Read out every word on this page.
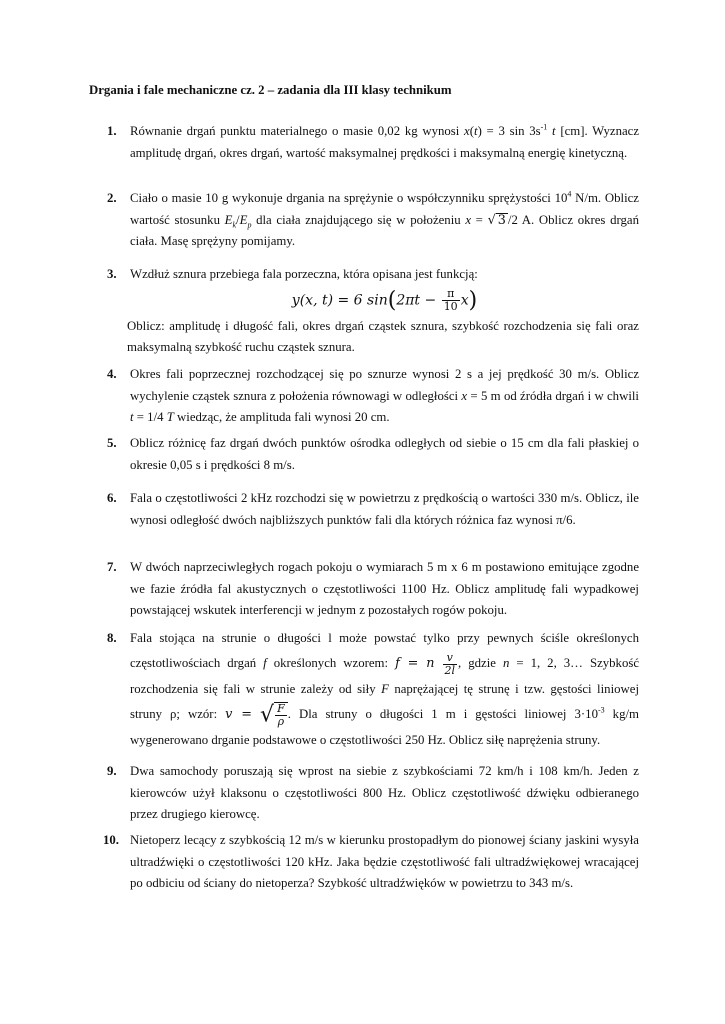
Drgania i fale mechaniczne cz. 2 – zadania dla III klasy technikum
1. Równanie drgań punktu materialnego o masie 0,02 kg wynosi x(t) = 3 $\sin 3s^{-1}$ t [cm]. Wyznacz amplitudę drgań, okres drgań, wartość maksymalnej prędkości i maksymalną energię kinetyczną.
2. Ciało o masie 10 g wykonuje drgania na sprężynie o współczynniku sprężystości $10^4$ N/m. Oblicz wartość stosunku $E_k/E_p$ dla ciała znajdującego się w położeniu x = √ 3 /2 A. Oblicz okres drgań ciała. Masę sprężyny pomijamy.
3. Wzdłuż sznura przebiega fala porzeczna, która opisana jest funkcją:

y(x, t) = 6 $\sin(2\pi t - \frac{\pi}{10} x)$

Oblicz: amplitudę i długość fali, okres drgań cząstek sznura, szybkość rozchodzenia się fali oraz maksymalną szybkość ruchu cząstek sznura.

4. Okres fali poprzecznej rozchodzącej się po sznurze wynosi 2 s a jej prędkość 30 m/s. Oblicz wychylenie cząstek sznura z położenia równowagi w odległości x = 5 m od źródła drgań i w chwili t = 1/4 T wiedząc, że amplituda fali wynosi 20 cm.
5. Oblicz różnicę faz drgań dwóch punktów ośrodka odległych od siebie o 15 cm dla fali płaskiej o okresie 0,05 s i prędkości 8 m/s.
6. Fala o częstotliwości 2 kHz rozchodzi się w powietrzu z prędkością o wartości 330 m/s. Oblicz, ile wynosi odległość dwóch najbliższych punktów fali dla których różnica faz wynosi π/6.
7. W dwóch naprzeciwległych rogach pokoju o wymiarach 5 m x 6 m postawiono emitujące zgodne we fazie źródła fal akustycznych o częstotliwości 1100 Hz. Oblicz amplitudę fali wypadkowej powstającej wskutek interferencji w jednym z pozostałych rogów pokoju.
8. Fala stojąca na strunie o długości l może powstać tylko przy pewnych ściśle określonych częstotliwościach drgań f określonych wzorem: f = n $\frac{v}{2l}$ , gdzie n = 1, 2, 3… Szybkość rozchodzenia się fali w strunie zależy od siły F naprężającej tę strunę i tzw. gęstości liniowej struny ρ; wzór: v = √ $\frac{F}{\rho}$ . Dla struny o długości 1 m i gęstości liniowej $3\cdot 10^{-3}$ kg/m wygenerowano drganie podstawowe o częstotliwości 250 Hz. Oblicz siłę naprężenia struny.
9. Dwa samochody poruszają się wprost na siebie z szybkościami 72 km/h i 108 km/h. Jeden z kierowców użył klaksonu o częstotliwości 800 Hz. Oblicz częstotliwość dźwięku odbieranego przez drugiego kierowcę.
10. Nietoperz lecący z szybkością 12 m/s w kierunku prostopadłym do pionowej ściany jaskini wysyła ultradźwięki o częstotliwości 120 kHz. Jaka będzie częstotliwość fali ultradźwiękowej wracającej po odbiciu od ściany do nietoperza? Szybkość ultradźwięków w powietrzu to 343 m/s.
